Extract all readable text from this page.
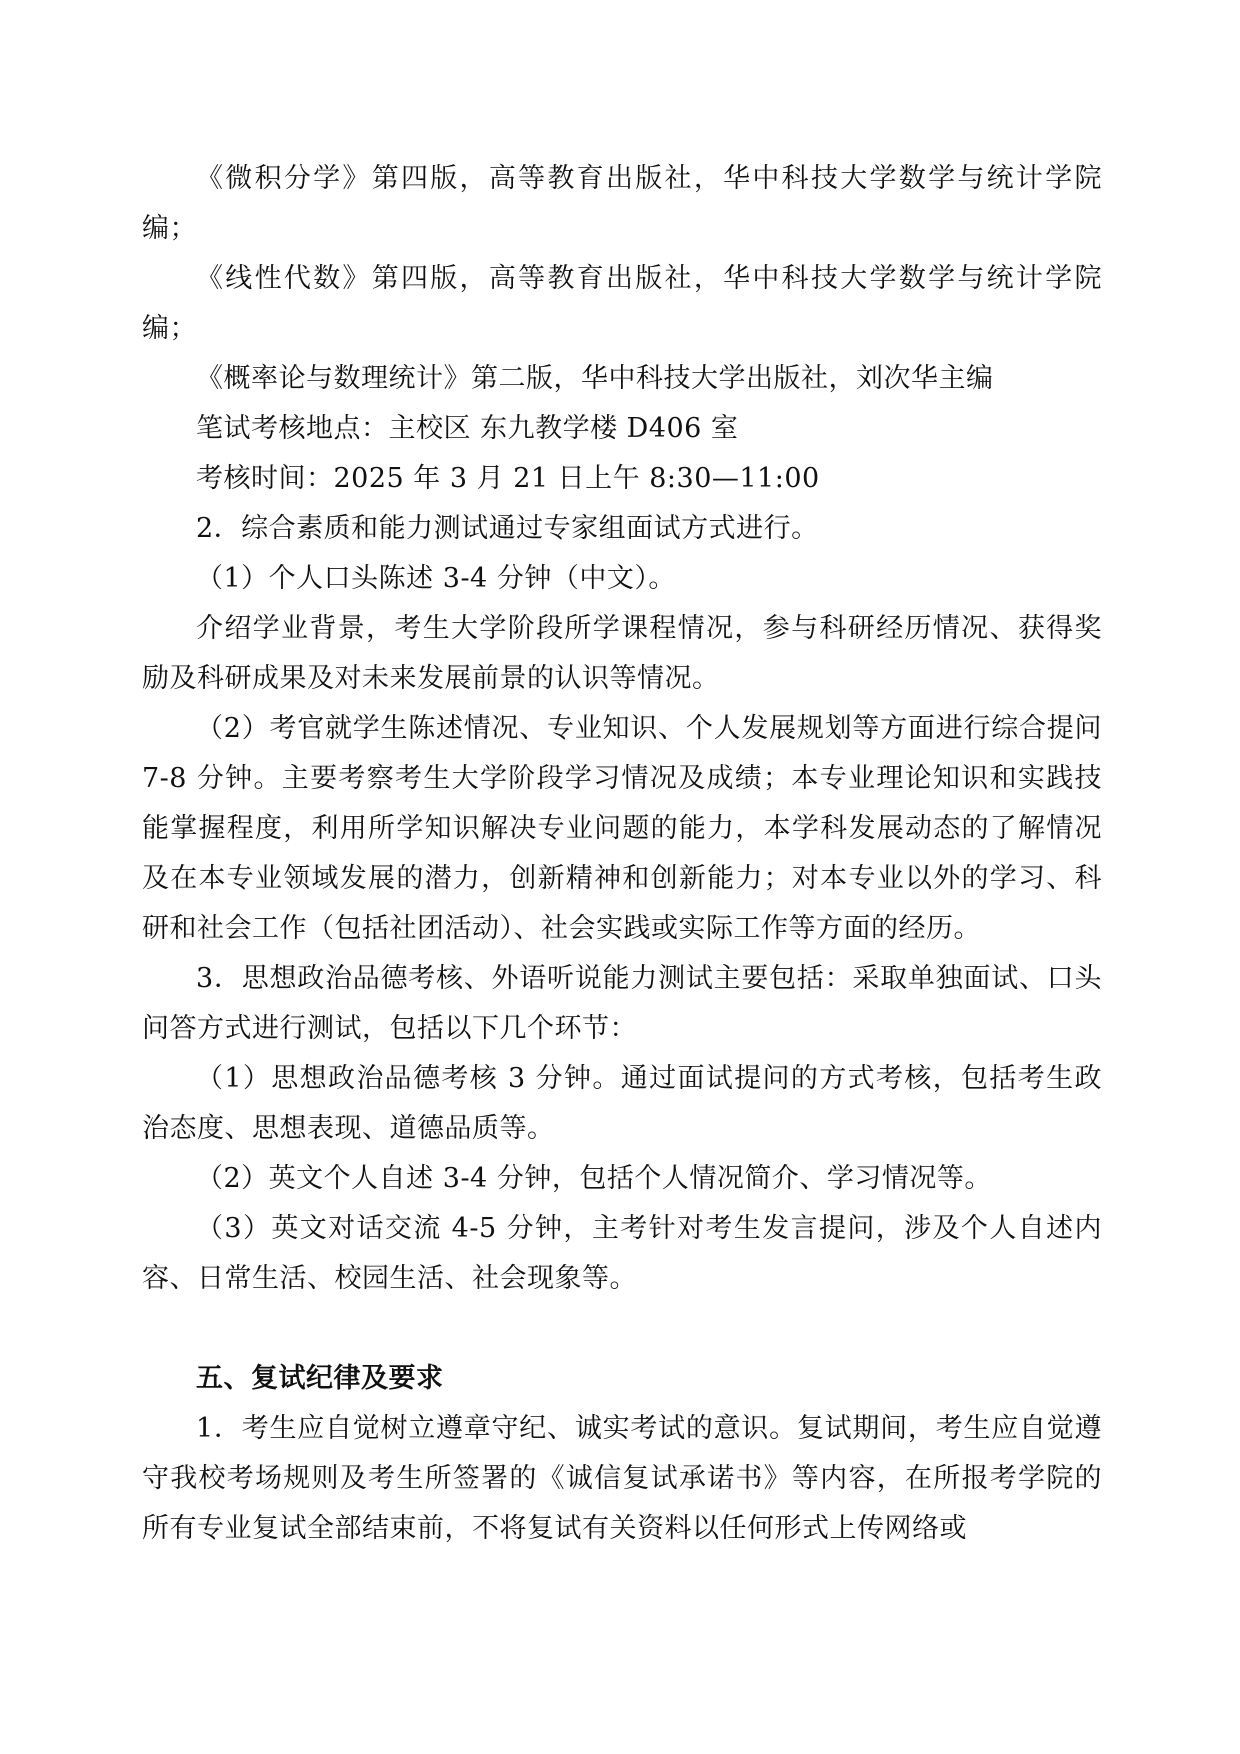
《微积分学》第四版，高等教育出版社，华中科技大学数学与统计学院编；

《线性代数》第四版，高等教育出版社，华中科技大学数学与统计学院编；

《概率论与数理统计》第二版，华中科技大学出版社，刘次华主编

笔试考核地点：主校区 东九教学楼 D406 室

考核时间：2025 年 3 月 21 日上午 8:30—11:00

2．综合素质和能力测试通过专家组面试方式进行。

（1）个人口头陈述 3-4 分钟（中文）。

介绍学业背景，考生大学阶段所学课程情况，参与科研经历情况、获得奖励及科研成果及对未来发展前景的认识等情况。

（2）考官就学生陈述情况、专业知识、个人发展规划等方面进行综合提问 7-8 分钟。主要考察考生大学阶段学习情况及成绩；本专业理论知识和实践技能掌握程度，利用所学知识解决专业问题的能力，本学科发展动态的了解情况及在本专业领域发展的潜力，创新精神和创新能力；对本专业以外的学习、科研和社会工作（包括社团活动）、社会实践或实际工作等方面的经历。

3．思想政治品德考核、外语听说能力测试主要包括：采取单独面试、口头问答方式进行测试，包括以下几个环节：

（1）思想政治品德考核 3 分钟。通过面试提问的方式考核，包括考生政治态度、思想表现、道德品质等。

（2）英文个人自述 3-4 分钟，包括个人情况简介、学习情况等。

（3）英文对话交流 4-5 分钟，主考针对考生发言提问，涉及个人自述内容、日常生活、校园生活、社会现象等。

五、复试纪律及要求

1．考生应自觉树立遵章守纪、诚实考试的意识。复试期间，考生应自觉遵守我校考场规则及考生所签署的《诚信复试承诺书》等内容，在所报考学院的所有专业复试全部结束前，不将复试有关资料以任何形式上传网络或
